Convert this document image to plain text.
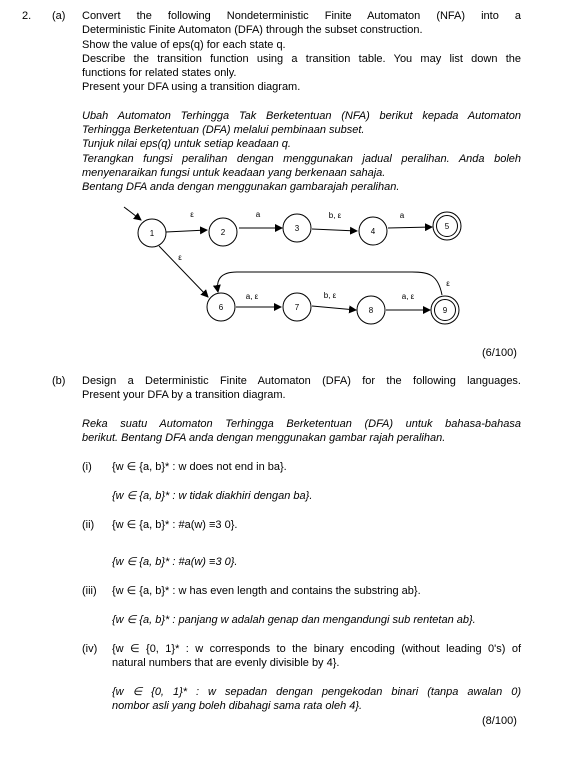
2. (a) Convert the following Nondeterministic Finite Automaton (NFA) into a
Deterministic Finite Automaton (DFA) through the subset construction.
Show the value of eps(q) for each state q.
Describe the transition function using a transition table. You may list down the
functions for related states only.
Present your DFA using a transition diagram.
Ubah Automaton Terhingga Tak Berketentuan (NFA) berikut kepada Automaton
Terhingga Berketentuan (DFA) melalui pembinaan subset.
Tunjuk nilai eps(q) untuk setiap keadaan q.
Terangkan fungsi peralihan dengan menggunakan jadual peralihan. Anda boleh
menyenaraikan fungsi untuk keadaan yang berkenaan sahaja.
Bentang DFA anda dengan menggunakan gambarajah peralihan.
1	2	3	4
5
6	7	8	9
ε	a	b, ε	a
ε
a, ε	b, ε	a, ε
ε
(6/100)
(b) Design a Deterministic Finite Automaton (DFA) for the following languages.
Present your DFA by a transition diagram.
Reka suatu Automaton Terhingga Berketentuan (DFA) untuk bahasa-bahasa
berikut. Bentang DFA anda dengan menggunakan gambar rajah peralihan.
(i) {w ∈ {a, b}* : w does not end in ba}.
{w ∈ {a, b}* : w tidak diakhiri dengan ba}.
(ii) {w ∈ {a, b}* : #a(w) ≡3 0}.
{w ∈ {a, b}* : #a(w) ≡3 0}.
(iii) {w ∈ {a, b}* : w has even length and contains the substring ab}.
{w ∈ {a, b}* : panjang w adalah genap dan mengandungi sub rentetan ab}.
(iv) {w ∈ {0, 1}* : w corresponds to the binary encoding (without leading 0's) of
natural numbers that are evenly divisible by 4}.
{w ∈ {0, 1}* : w sepadan dengan pengekodan binari (tanpa awalan 0)
nombor asli yang boleh dibahagi sama rata oleh 4}.
(8/100)
